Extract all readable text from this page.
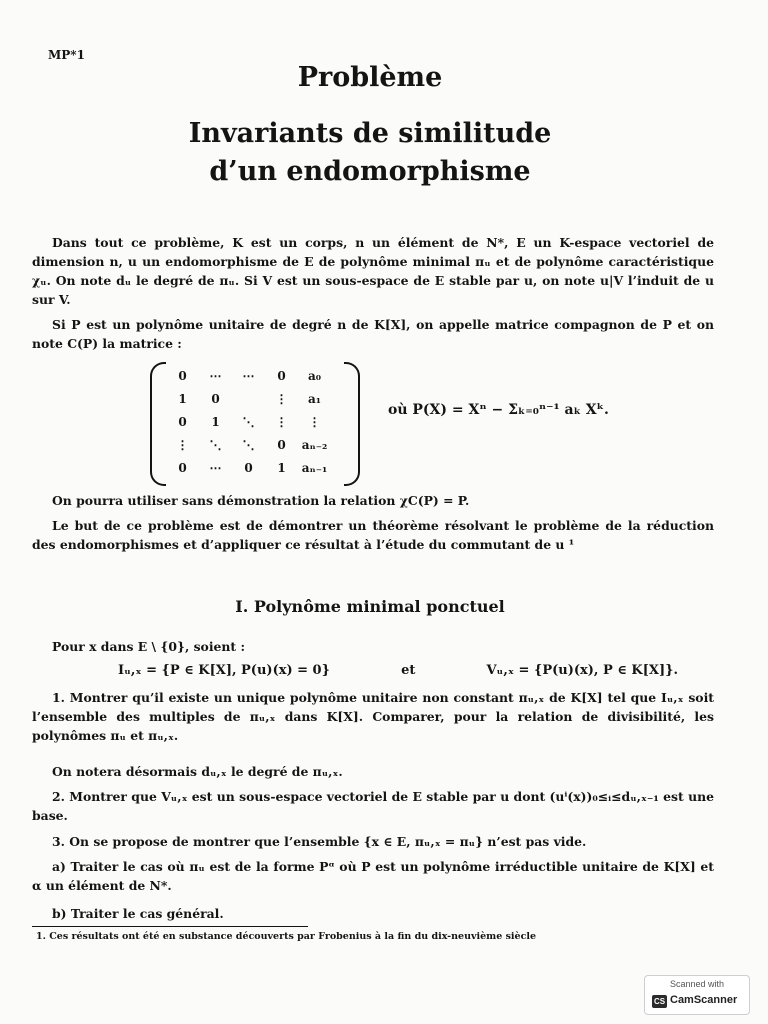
MP*1
Problème
Invariants de similitude
d’un endomorphisme
Dans tout ce problème, K est un corps, n un élément de N*, E un K-espace vectoriel de dimension n, u un endomorphisme de E de polynôme minimal πᵤ et de polynôme caractéristique χᵤ. On note dᵤ le degré de πᵤ. Si V est un sous-espace de E stable par u, on note u|V l’induit de u sur V.
Si P est un polynôme unitaire de degré n de K[X], on appelle matrice compagnon de P et on note C(P) la matrice :
0	⋯	⋯	0	a₀
1	0		⋮	a₁
0	1	⋱	⋮	⋮
⋮	⋱	⋱	0	aₙ₋₂
0	⋯	0	1	aₙ₋₁
où P(X) = Xⁿ − Σₖ₌₀ⁿ⁻¹ aₖ Xᵏ.
On pourra utiliser sans démonstration la relation χC(P) = P.
Le but de ce problème est de démontrer un théorème résolvant le problème de la réduction des endomorphismes et d’appliquer ce résultat à l’étude du commutant de u ¹
I. Polynôme minimal ponctuel
Pour x dans E \ {0}, soient :
Iᵤ,ₓ = {P ∈ K[X], P(u)(x) = 0}	et	Vᵤ,ₓ = {P(u)(x), P ∈ K[X]}.
1. Montrer qu’il existe un unique polynôme unitaire non constant πᵤ,ₓ de K[X] tel que Iᵤ,ₓ soit l’ensemble des multiples de πᵤ,ₓ dans K[X]. Comparer, pour la relation de divisibilité, les polynômes πᵤ et πᵤ,ₓ.
On notera désormais dᵤ,ₓ le degré de πᵤ,ₓ.
2. Montrer que Vᵤ,ₓ est un sous-espace vectoriel de E stable par u dont (uⁱ(x))₀≤ᵢ≤dᵤ,ₓ₋₁ est une base.
3. On se propose de montrer que l’ensemble {x ∈ E, πᵤ,ₓ = πᵤ} n’est pas vide.
a) Traiter le cas où πᵤ est de la forme Pᵅ où P est un polynôme irréductible unitaire de K[X] et α un élément de N*.
b) Traiter le cas général.
1. Ces résultats ont été en substance découverts par Frobenius à la fin du dix-neuvième siècle
Scanned with
CS CamScanner
